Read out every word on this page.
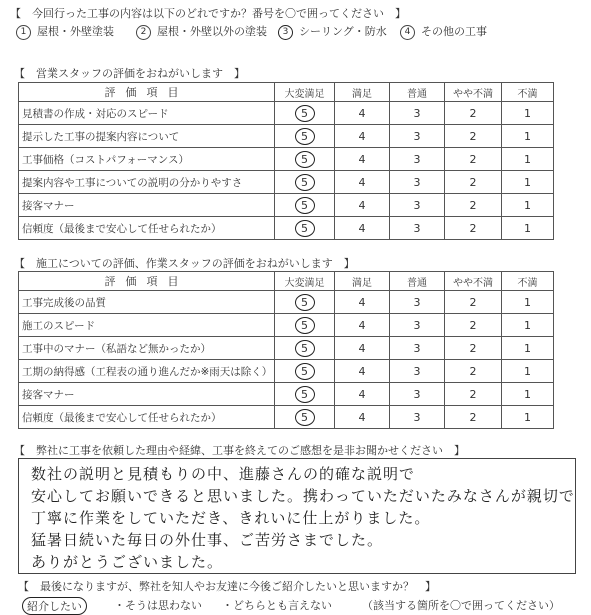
【　今回行った工事の内容は以下のどれですか？番号を〇で囲ってください　】
1 屋根・外壁塗装	2 屋根・外壁以外の塗装	3 シーリング・防水	4 その他の工事
【　営業スタッフの評価をおねがいします　】
評価項目	大変満足	満足	普通	やや不満	不満
見積書の作成・対応のスピード	5	4	3	2	1
提示した工事の提案内容について	5	4	3	2	1
工事価格（コストパフォーマンス）	5	4	3	2	1
提案内容や工事についての説明の分かりやすさ	5	4	3	2	1
接客マナー	5	4	3	2	1
信頼度（最後まで安心して任せられたか）	5	4	3	2	1
【　施工についての評価、作業スタッフの評価をおねがいします　】
評価項目	大変満足	満足	普通	やや不満	不満
工事完成後の品質	5	4	3	2	1
施工のスピード	5	4	3	2	1
工事中のマナー（私語など無かったか）	5	4	3	2	1
工期の納得感（工程表の通り進んだか※雨天は除く）	5	4	3	2	1
接客マナー	5	4	3	2	1
信頼度（最後まで安心して任せられたか）	5	4	3	2	1
【　弊社に工事を依頼した理由や経緯、工事を終えてのご感想を是非お聞かせください　】
数社の説明と見積もりの中、進藤さんの的確な説明で
安心してお願いできると思いました。携わっていただいたみなさんが親切で
丁寧に作業をしていただき、きれいに仕上がりました。
猛暑日続いた毎日の外仕事、ご苦労さまでした。
ありがとうございました。
【　最後になりますが、弊社を知人やお友達に今後ご紹介したいと思いますか？　】
紹介したい	・ そうは思わない ・ どちらとも言えない	（該当する箇所を〇で囲ってください）
